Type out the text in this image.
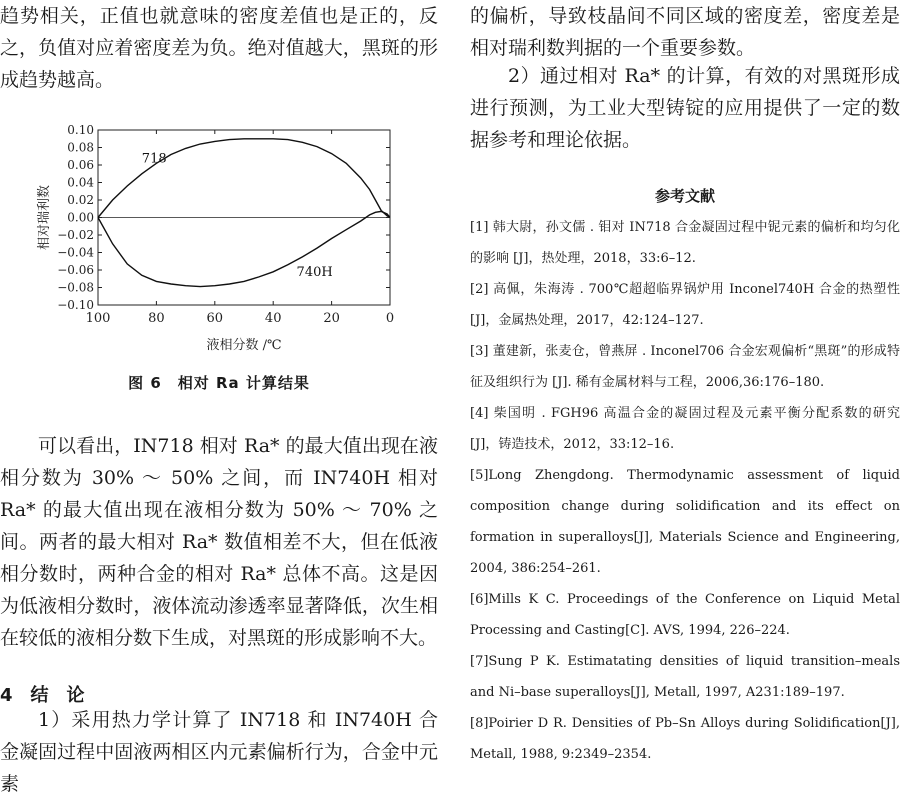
趋势相关，正值也就意味的密度差值也是正的，反之，负值对应着密度差为负。绝对值越大，黑斑的形成趋势越高。

0.10
0.08
0.06
0.04
0.02
0.00
−0.02
−0.04
−0.06
−0.08
−0.10
100	80	60	40	20	0
液相分数 /℃
相对瑞利数
718
740H

图 6　相对 Ra 计算结果

可以看出，IN718 相对 Ra* 的最大值出现在液相分数为 30% ～ 50% 之间，而 IN740H 相对 Ra* 的最大值出现在液相分数为 50% ～ 70% 之间。两者的最大相对 Ra* 数值相差不大，但在低液相分数时，两种合金的相对 Ra* 总体不高。这是因为低液相分数时，液体流动渗透率显著降低，次生相在较低的液相分数下生成，对黑斑的形成影响不大。

4　结　论

1）采用热力学计算了 IN718 和 IN740H 合金凝固过程中固液两相区内元素偏析行为，合金中元素

的偏析，导致枝晶间不同区域的密度差，密度差是相对瑞利数判据的一个重要参数。

2）通过相对 Ra* 的计算，有效的对黑斑形成进行预测，为工业大型铸锭的应用提供了一定的数据参考和理论依据。

参考文献

[1] 韩大尉，孙文儒 . 钼对 IN718 合金凝固过程中铌元素的偏析和均匀化的影响 [J]，热处理，2018，33:6–12.

[2] 高佩，朱海涛 . 700℃超超临界锅炉用 Inconel740H 合金的热塑性 [J]，金属热处理，2017，42:124–127.

[3] 董建新，张麦仓，曾燕屏 . Inconel706 合金宏观偏析“黑斑”的形成特征及组织行为 [J]. 稀有金属材料与工程，2006,36:176–180.

[4] 柴国明 . FGH96 高温合金的凝固过程及元素平衡分配系数的研究 [J]，铸造技术，2012，33:12–16.

[5]Long Zhengdong. Thermodynamic assessment of liquid composition change during solidification and its effect on formation in superalloys[J], Materials Science and Engineering, 2004, 386:254–261.

[6]Mills K C. Proceedings of the Conference on Liquid Metal Processing and Casting[C]. AVS, 1994, 226–224.

[7]Sung P K. Estimatating densities of liquid transition–meals and Ni–base superalloys[J], Metall, 1997, A231:189–197.

[8]Poirier D R. Densities of Pb–Sn Alloys during Solidification[J], Metall, 1988, 9:2349–2354.
